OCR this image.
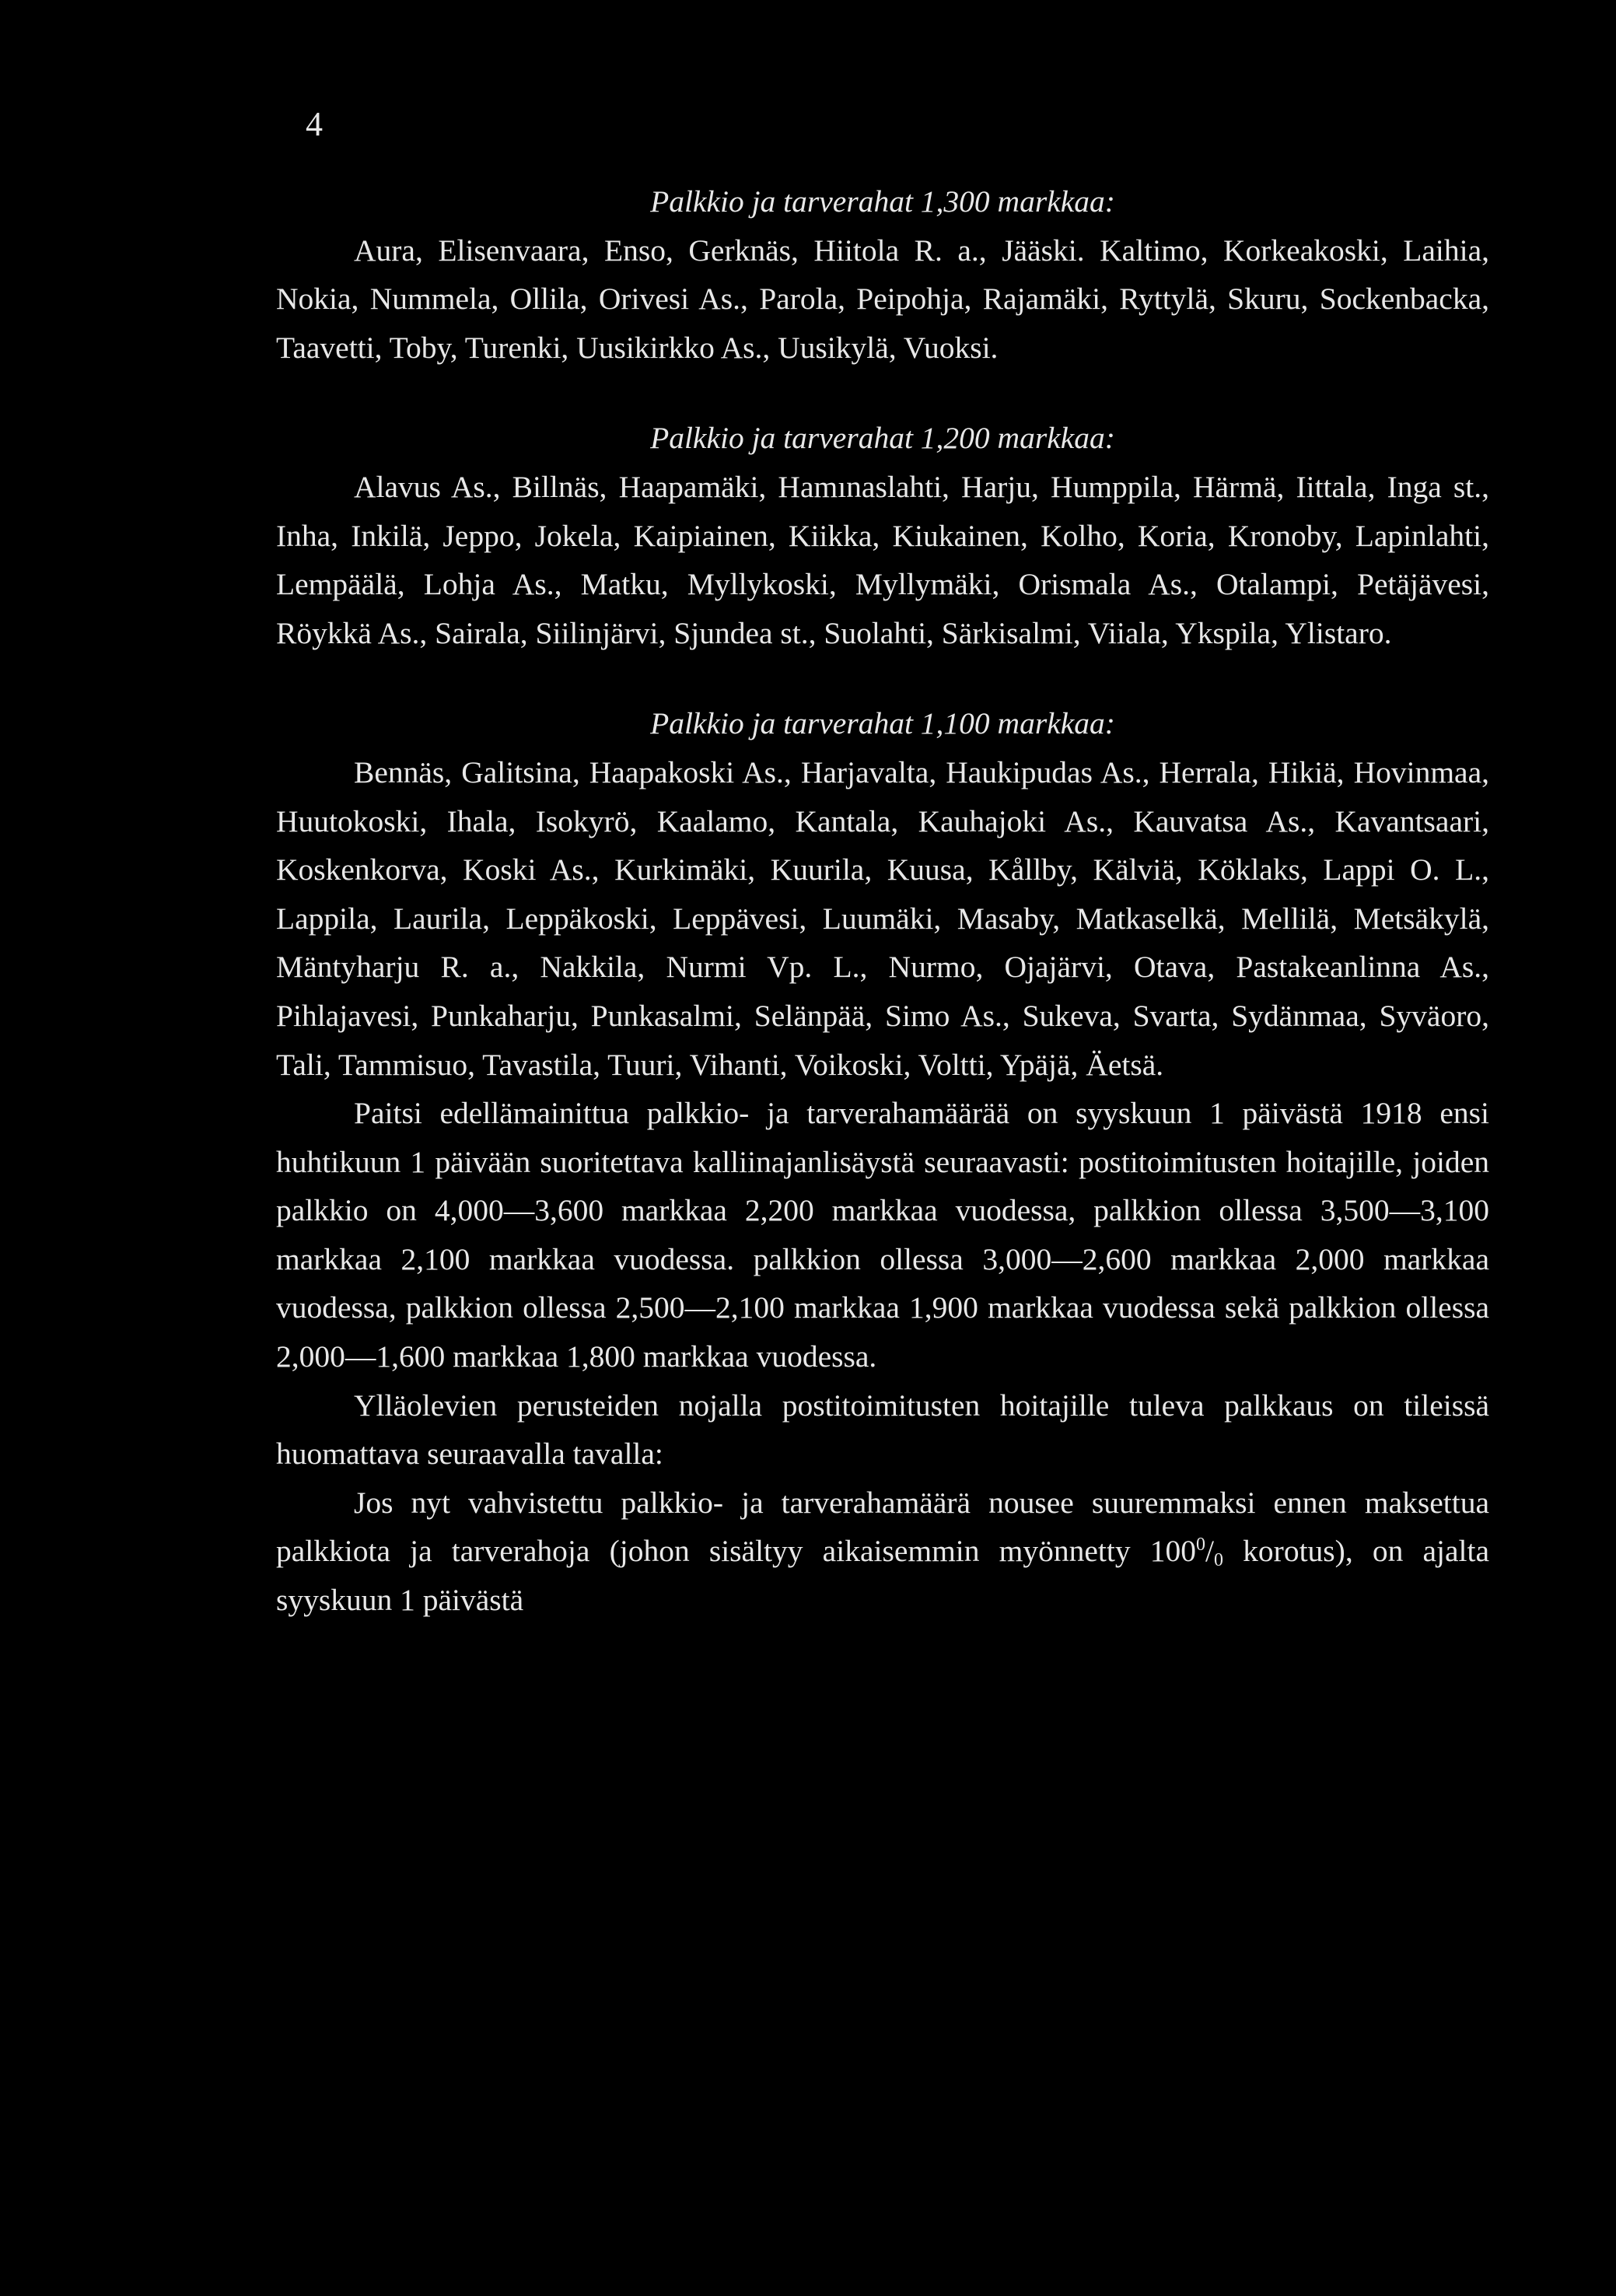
4

Palkkio ja tarverahat 1,300 markkaa:

Aura, Elisenvaara, Enso, Gerknäs, Hiitola R. a., Jääski. Kaltimo, Korkeakoski, Laihia, Nokia, Nummela, Ollila, Orivesi As., Parola, Peipohja, Rajamäki, Ryttylä, Skuru, Sockenbacka, Taavetti, Toby, Turenki, Uusikirkko As., Uusikylä, Vuoksi.

Palkkio ja tarverahat 1,200 markkaa:

Alavus As., Billnäs, Haapamäki, Hamınaslahti, Harju, Humppila, Härmä, Iittala, Inga st., Inha, Inkilä, Jeppo, Jokela, Kaipiainen, Kiikka, Kiukainen, Kolho, Koria, Kronoby, Lapinlahti, Lempäälä, Lohja As., Matku, Myllykoski, Myllymäki, Orismala As., Otalampi, Petäjävesi, Röykkä As., Sairala, Siilinjärvi, Sjundea st., Suolahti, Särkisalmi, Viiala, Ykspila, Ylistaro.

Palkkio ja tarverahat 1,100 markkaa:

Bennäs, Galitsina, Haapakoski As., Harjavalta, Haukipudas As., Herrala, Hikiä, Hovinmaa, Huutokoski, Ihala, Isokyrö, Kaalamo, Kantala, Kauhajoki As., Kauvatsa As., Kavantsaari, Koskenkorva, Koski As., Kurkimäki, Kuurila, Kuusa, Kållby, Kälviä, Köklaks, Lappi O. L., Lappila, Laurila, Leppäkoski, Leppävesi, Luumäki, Masaby, Matkaselkä, Mellilä, Metsäkylä, Mäntyharju R. a., Nakkila, Nurmi Vp. L., Nurmo, Ojajärvi, Otava, Pastakeanlinna As., Pihlajavesi, Punkaharju, Punkasalmi, Selänpää, Simo As., Sukeva, Svarta, Sydänmaa, Syväoro, Tali, Tammisuo, Tavastila, Tuuri, Vihanti, Voikoski, Voltti, Ypäjä, Äetsä.

Paitsi edellämainittua palkkio- ja tarverahamäärää on syyskuun 1 päivästä 1918 ensi huhtikuun 1 päivään suoritettava kalliinajanlisäystä seuraavasti: postitoimitusten hoitajille, joiden palkkio on 4,000—3,600 markkaa 2,200 markkaa vuodessa, palkkion ollessa 3,500—3,100 markkaa 2,100 markkaa vuodessa. palkkion ollessa 3,000—2,600 markkaa 2,000 markkaa vuodessa, palkkion ollessa 2,500—2,100 markkaa 1,900 markkaa vuodessa sekä palkkion ollessa 2,000—1,600 markkaa 1,800 markkaa vuodessa.

Ylläolevien perusteiden nojalla postitoimitusten hoitajille tuleva palkkaus on tileissä huomattava seuraavalla tavalla:

Jos nyt vahvistettu palkkio- ja tarverahamäärä nousee suuremmaksi ennen maksettua palkkiota ja tarverahoja (johon sisältyy aikaisemmin myönnetty $100^0/_0$ korotus), on ajalta syyskuun 1 päivästä
